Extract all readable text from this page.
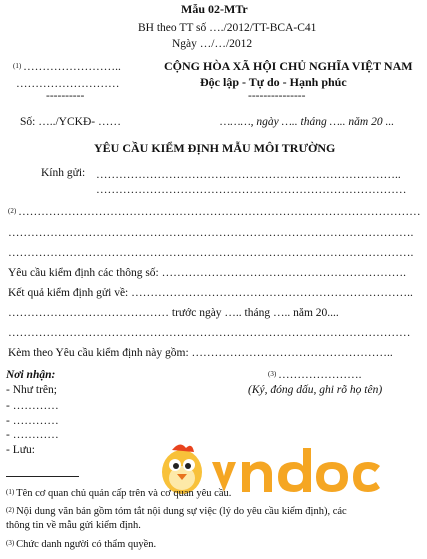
Mẫu 02-MTr
BH theo TT số …./2012/TT-BCA-C41
Ngày …/…/2012
$^{(1)}$ ……………………..
………………………
----------
CỘNG HÒA XÃ HỘI CHỦ NGHĨA VIỆT NAM
Độc lập - Tự do - Hạnh phúc
---------------
Số: …../YCKĐ- ……	………, ngày ….. tháng ….. năm 20 ...
YÊU CẦU KIỂM ĐỊNH MẪU MÔI TRƯỜNG
Kính gửi: ……………………………………………………………………..
………………………………………………………………………
$^{(2)}$ ……………………………………………………………………………………………
…………………………………………………………………………………………….
…………………………………………………………………………………………….
Yêu cầu kiểm định các thông số: ……………………………………………………….
Kết quả kiểm định gửi về: ………………………………………………………………..
…………………………………… trước ngày ….. tháng ….. năm 20....
……………………………………………………………………………………………
Kèm theo Yêu cầu kiểm định này gồm: ……………………………………………..
Nơi nhận:
- Như trên;
- …………
- …………
- …………
- Lưu:
$^{(3)}$ ………………….
(Ký, đóng dấu, ghi rõ họ tên)
$^{(1)}$ Tên cơ quan chủ quản cấp trên và cơ quan yêu cầu.
$^{(2)}$ Nội dung văn bản gồm tóm tắt nội dung sự việc (lý do yêu cầu kiểm định), các
thông tin về mẫu gửi kiểm định.
$^{(3)}$ Chức danh người có thẩm quyền.
